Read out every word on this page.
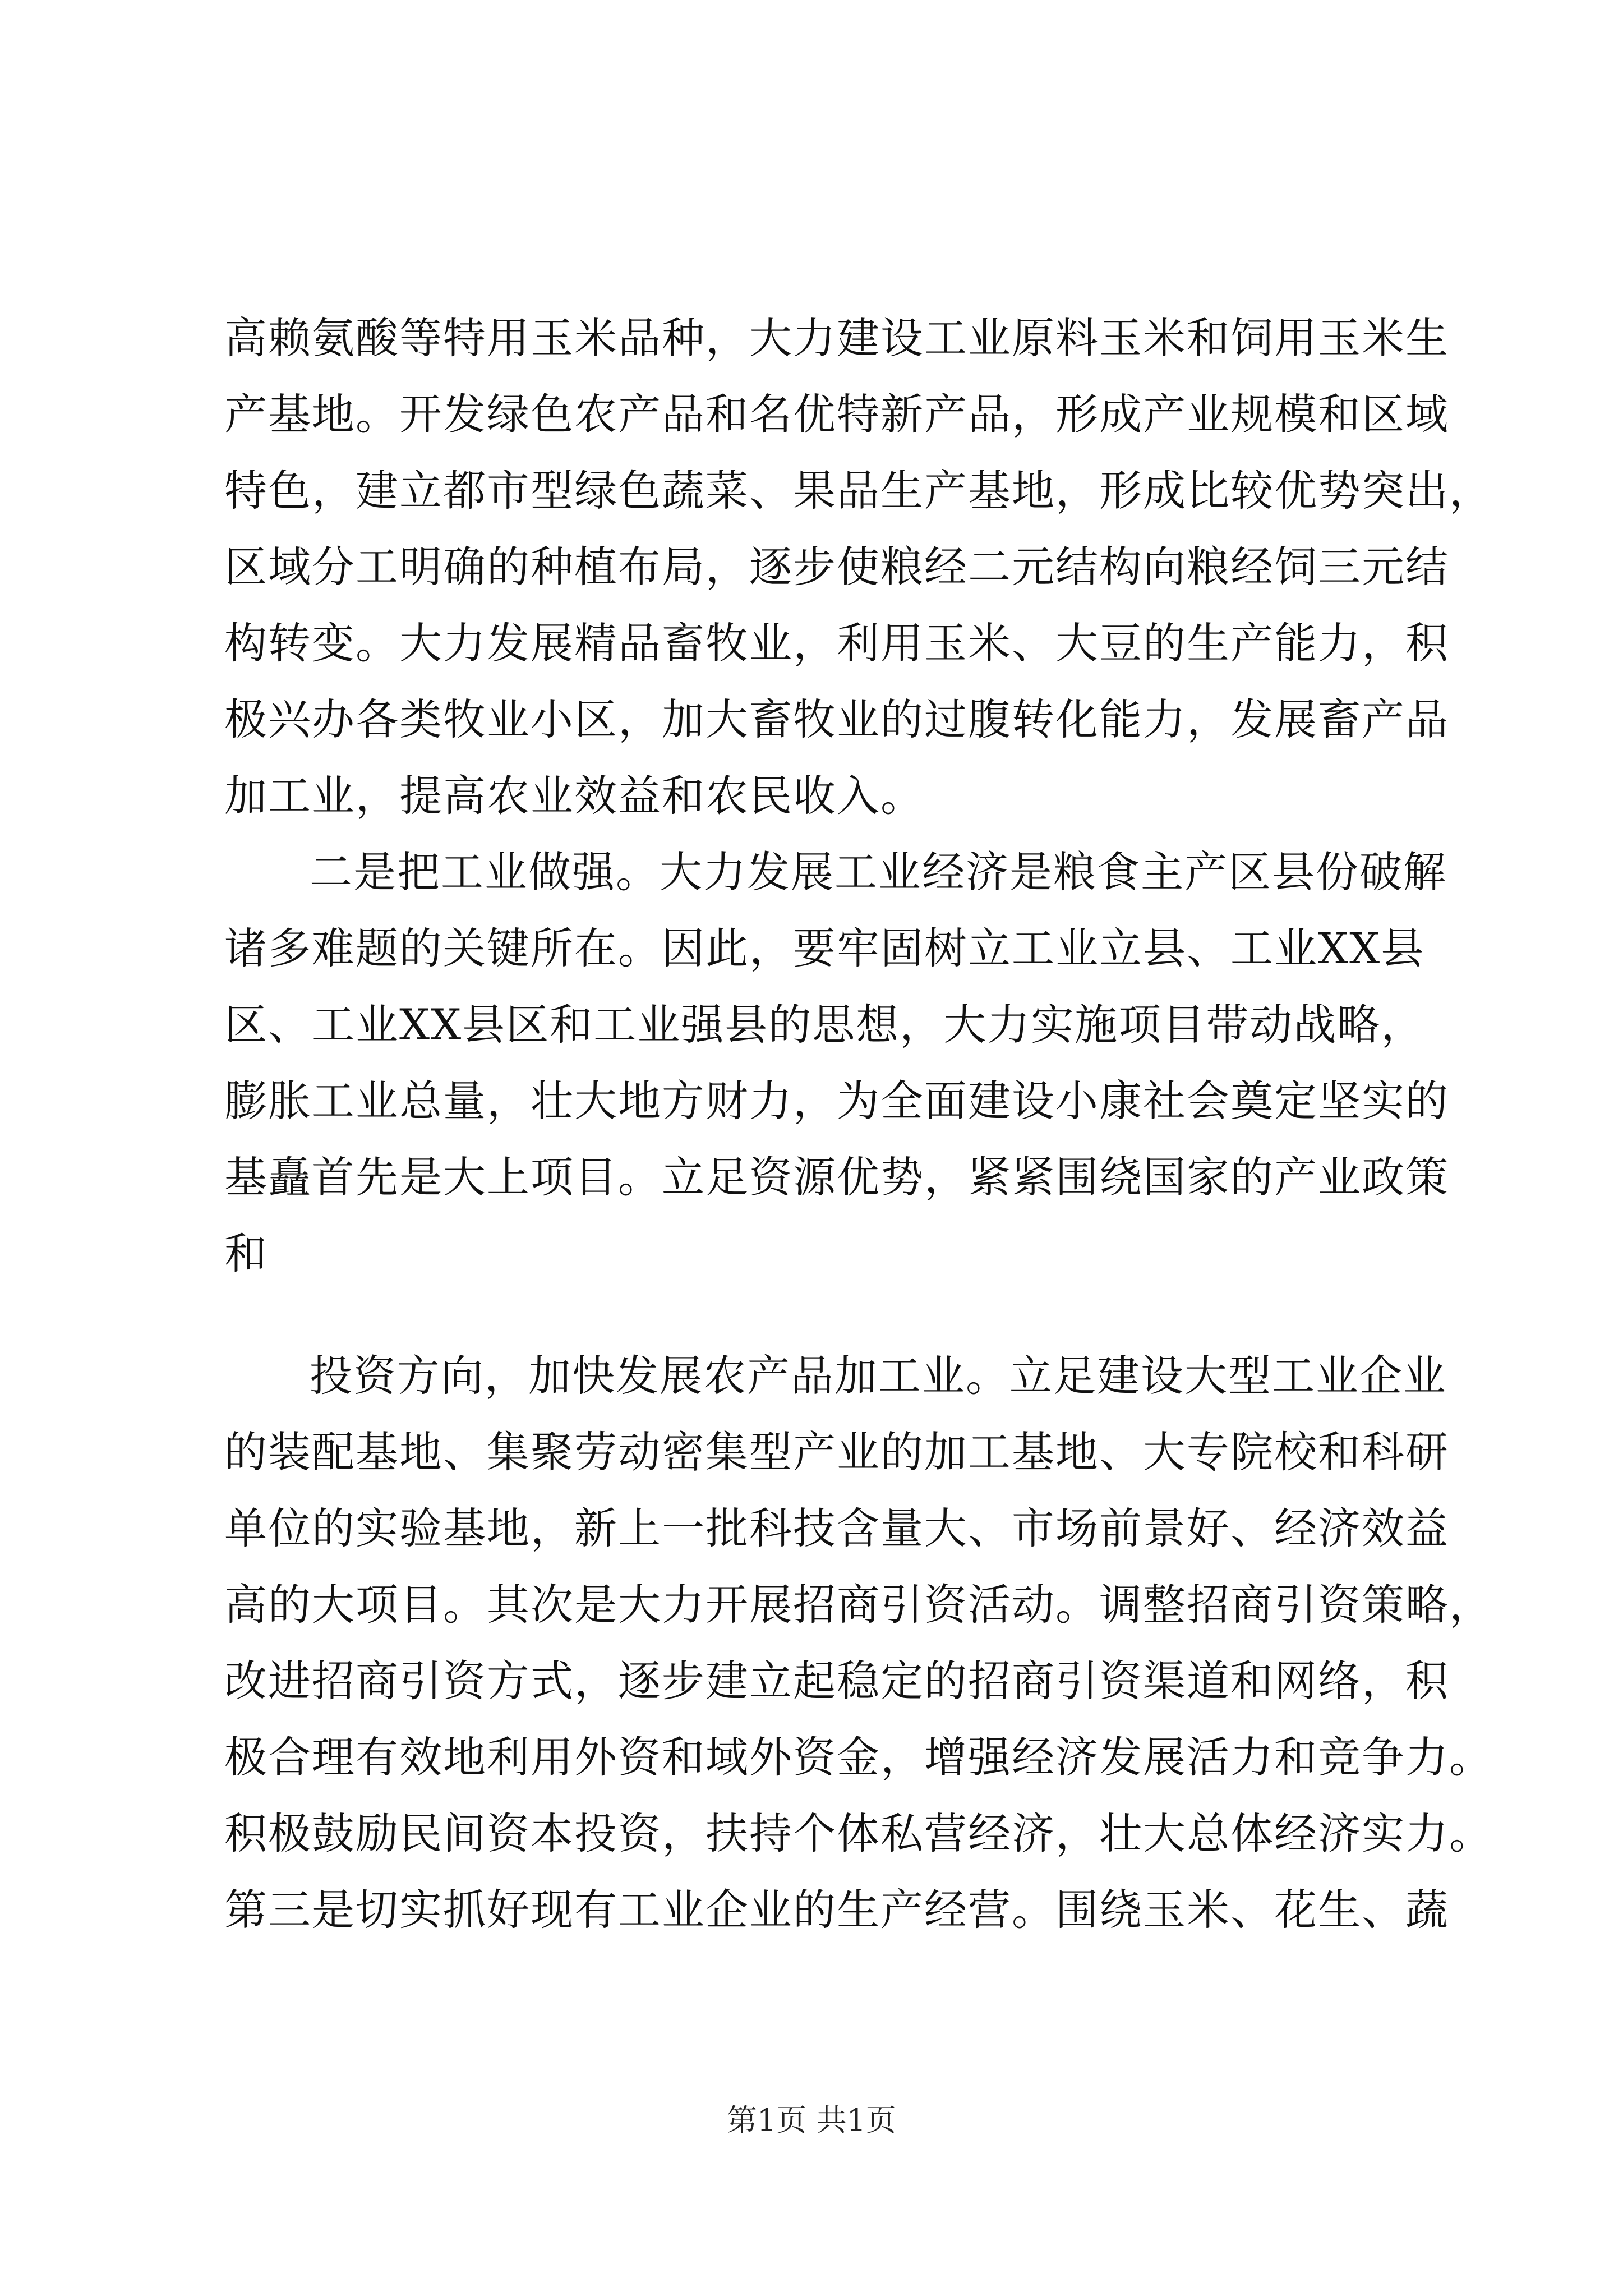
高赖氨酸等特用玉米品种，大力建设工业原料玉米和饲用玉米生
产基地。开发绿色农产品和名优特新产品，形成产业规模和区域
特色，建立都市型绿色蔬菜、果品生产基地，形成比较优势突出，
区域分工明确的种植布局，逐步使粮经二元结构向粮经饲三元结
构转变。大力发展精品畜牧业，利用玉米、大豆的生产能力，积
极兴办各类牧业小区，加大畜牧业的过腹转化能力，发展畜产品
加工业，提高农业效益和农民收入。
二是把工业做强。大力发展工业经济是粮食主产区县份破解
诸多难题的关键所在。因此，要牢固树立工业立县、工业XX县
区、工业XX县区和工业强县的思想，大力实施项目带动战略，
膨胀工业总量，壮大地方财力，为全面建设小康社会奠定坚实的
基矗首先是大上项目。立足资源优势，紧紧围绕国家的产业政策
和
投资方向，加快发展农产品加工业。立足建设大型工业企业
的装配基地、集聚劳动密集型产业的加工基地、大专院校和科研
单位的实验基地，新上一批科技含量大、市场前景好、经济效益
高的大项目。其次是大力开展招商引资活动。调整招商引资策略，
改进招商引资方式，逐步建立起稳定的招商引资渠道和网络，积
极合理有效地利用外资和域外资金，增强经济发展活力和竞争力。
积极鼓励民间资本投资，扶持个体私营经济，壮大总体经济实力。
第三是切实抓好现有工业企业的生产经营。围绕玉米、花生、蔬
第1页 共1页
